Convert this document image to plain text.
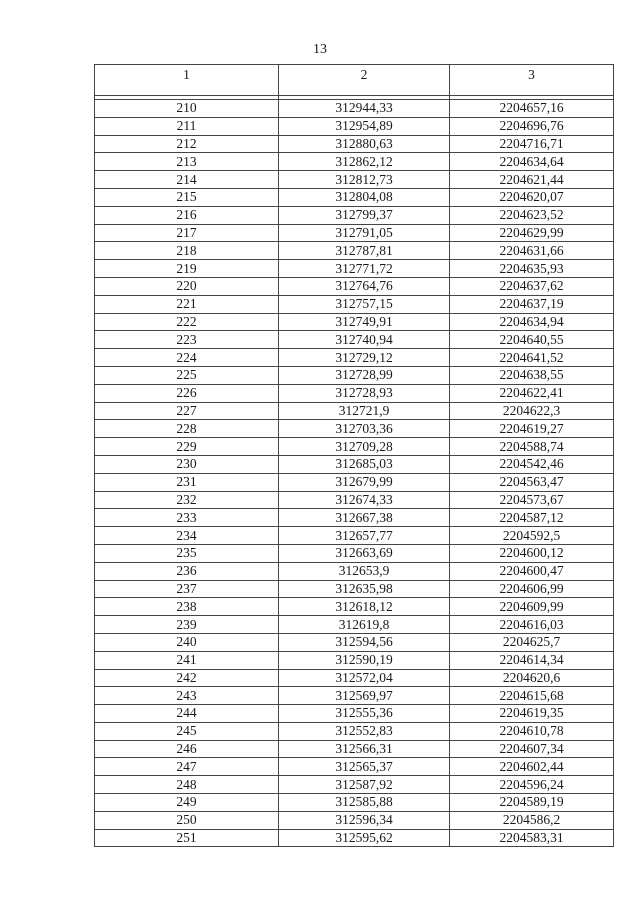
13
1	2	3

210	312944,33	2204657,16
211	312954,89	2204696,76
212	312880,63	2204716,71
213	312862,12	2204634,64
214	312812,73	2204621,44
215	312804,08	2204620,07
216	312799,37	2204623,52
217	312791,05	2204629,99
218	312787,81	2204631,66
219	312771,72	2204635,93
220	312764,76	2204637,62
221	312757,15	2204637,19
222	312749,91	2204634,94
223	312740,94	2204640,55
224	312729,12	2204641,52
225	312728,99	2204638,55
226	312728,93	2204622,41
227	312721,9	2204622,3
228	312703,36	2204619,27
229	312709,28	2204588,74
230	312685,03	2204542,46
231	312679,99	2204563,47
232	312674,33	2204573,67
233	312667,38	2204587,12
234	312657,77	2204592,5
235	312663,69	2204600,12
236	312653,9	2204600,47
237	312635,98	2204606,99
238	312618,12	2204609,99
239	312619,8	2204616,03
240	312594,56	2204625,7
241	312590,19	2204614,34
242	312572,04	2204620,6
243	312569,97	2204615,68
244	312555,36	2204619,35
245	312552,83	2204610,78
246	312566,31	2204607,34
247	312565,37	2204602,44
248	312587,92	2204596,24
249	312585,88	2204589,19
250	312596,34	2204586,2
251	312595,62	2204583,31
